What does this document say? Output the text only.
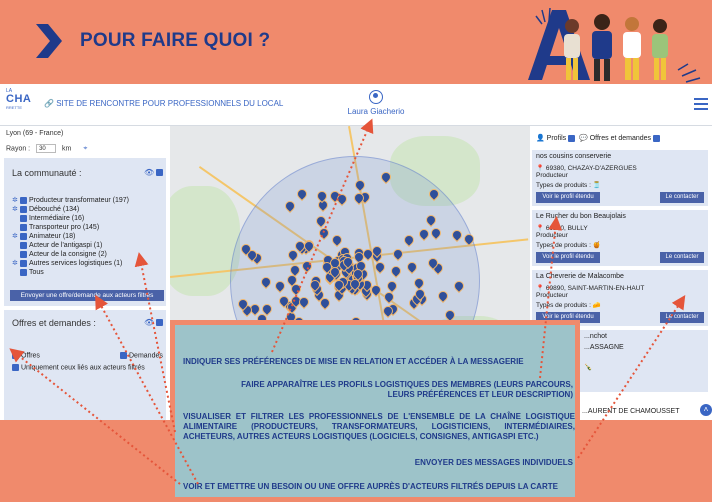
POUR FAIRE QUOI ?
LA
CHA
RRETTE	🔗 SITE DE RENCONTRE POUR PROFESSIONNELS DU LOCAL
Laura Giacherio
Lyon (69 - France)
Rayon : 30 km ⌖
La communauté :	👁
✲ Producteur transformateur (197)
✲ Débouché (134)
Intermédiaire (16)
Transporteur pro (145)
✲ Animateur (18)
Acteur de l'antigaspi (1)
Acteur de la consigne (2)
✲ Autres services logistiques (1)
Tous
Envoyer une offre/demande aux acteurs filtrés
Offres et demandes :	👁
Offres	Demandes
Uniquement ceux liés aux acteurs filtrés
👤 Profils 💬 Offres et demandes
nos cousins conserverie
📍 69380, CHAZAY-D'AZERGUES
Producteur
Types de produits : 🫙
Voir le profil étendu	Le contacter
Le Rucher du bon Beaujolais
📍 69210, BULLY
Producteur
Types de produits : 🍯
Voir le profil étendu	Le contacter
La Chevrerie de Malacombe
📍 69890, SAINT-MARTIN-EN-HAUT
Producteur
Types de produits : 🧀
Voir le profil étendu	Le contacter
...nchot
...ASSAGNE
🍾
...AURENT DE CHAMOUSSET	˄
INDIQUER SES PRÉFÉRENCES DE MISE EN RELATION ET ACCÉDER À LA MESSAGERIE
FAIRE APPARAÎTRE LES PROFILS LOGISTIQUES DES MEMBRES (LEURS PARCOURS, LEURS PRÉFÉRENCES ET LEUR DESCRIPTION)
VISUALISER ET FILTRER LES PROFESSIONNELS DE L'ENSEMBLE DE LA CHAÎNE LOGISTIQUE ALIMENTAIRE (PRODUCTEURS, TRANSFORMATEURS, LOGISTICIENS, INTERMÉDIAIRES, ACHETEURS, AUTRES ACTEURS LOGISTIQUES (LOGICIELS, CONSIGNES, ANTIGASPI ETC.)
ENVOYER DES MESSAGES INDIVIDUELS
VOIR ET EMETTRE UN BESOIN OU UNE OFFRE AUPRÈS D'ACTEURS FILTRÉS DEPUIS LA CARTE
